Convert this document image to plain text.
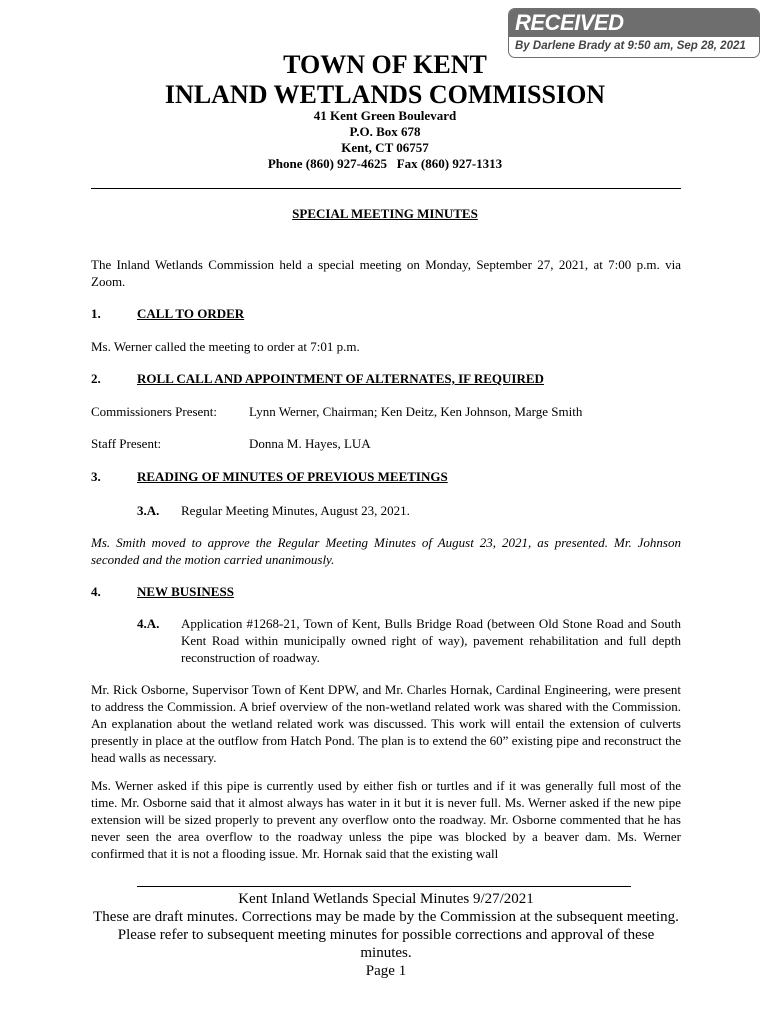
RECEIVED
By Darlene Brady at 9:50 am, Sep 28, 2021
TOWN OF KENT
INLAND WETLANDS COMMISSION
41 Kent Green Boulevard
P.O. Box 678
Kent, CT 06757
Phone (860) 927-4625   Fax (860) 927-1313
SPECIAL MEETING MINUTES

The Inland Wetlands Commission held a special meeting on Monday, September 27, 2021, at 7:00 p.m. via Zoom.

1.	CALL TO ORDER

Ms. Werner called the meeting to order at 7:01 p.m.

2.	ROLL CALL AND APPOINTMENT OF ALTERNATES, IF REQUIRED
Commissioners Present: Lynn Werner, Chairman; Ken Deitz, Ken Johnson, Marge Smith
Staff Present:	Donna M. Hayes, LUA
3.	READING OF MINUTES OF PREVIOUS MEETINGS
3.A. Regular Meeting Minutes, August 23, 2021.

Ms. Smith moved to approve the Regular Meeting Minutes of August 23, 2021, as presented. Mr. Johnson seconded and the motion carried unanimously.

4.	NEW BUSINESS
4.A. Application #1268-21, Town of Kent, Bulls Bridge Road (between Old Stone Road and South Kent Road within municipally owned right of way), pavement rehabilitation and full depth reconstruction of roadway.

Mr. Rick Osborne, Supervisor Town of Kent DPW, and Mr. Charles Hornak, Cardinal Engineering, were present to address the Commission. A brief overview of the non-wetland related work was shared with the Commission. An explanation about the wetland related work was discussed. This work will entail the extension of culverts presently in place at the outflow from Hatch Pond. The plan is to extend the 60” existing pipe and reconstruct the head walls as necessary.

Ms. Werner asked if this pipe is currently used by either fish or turtles and if it was generally full most of the time. Mr. Osborne said that it almost always has water in it but it is never full. Ms. Werner asked if the new pipe extension will be sized properly to prevent any overflow onto the roadway. Mr. Osborne commented that he has never seen the area overflow to the roadway unless the pipe was blocked by a beaver dam. Ms. Werner confirmed that it is not a flooding issue. Mr. Hornak said that the existing wall

Kent Inland Wetlands Special Minutes 9/27/2021
These are draft minutes. Corrections may be made by the Commission at the subsequent meeting. Please refer to subsequent meeting minutes for possible corrections and approval of these minutes.
Page 1
